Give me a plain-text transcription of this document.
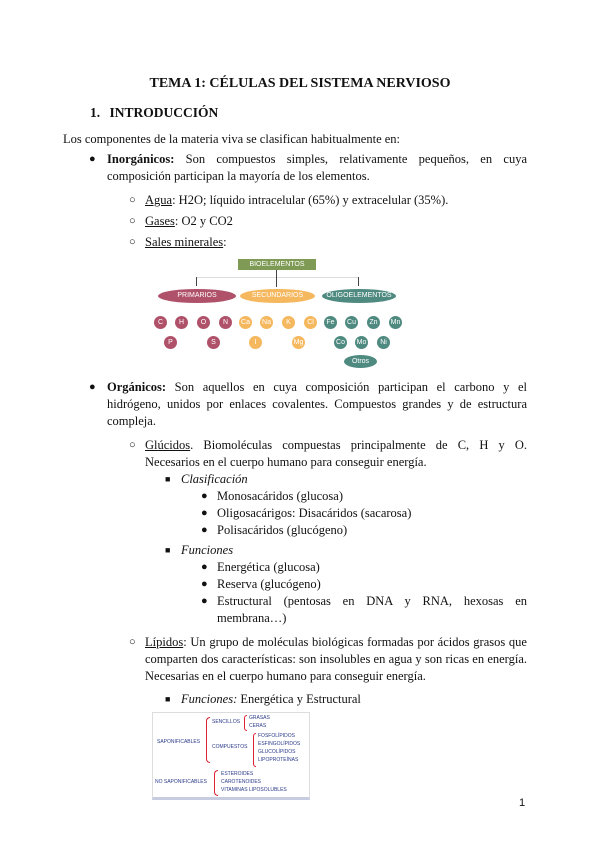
TEMA 1: CÉLULAS DEL SISTEMA NERVIOSO
1. INTRODUCCIÓN
Los componentes de la materia viva se clasifican habitualmente en:
● Inorgánicos: Son compuestos simples, relativamente pequeños, en cuya composición participan la mayoría de los elementos.
○ Agua: H2O; líquido intracelular (65%) y extracelular (35%).
○ Gases: O2 y CO2
○ Sales minerales:
BIOELEMENTOS
PRIMARIOS
C	H	O	N
P	S
SECUNDARIOS
Ca Na	K	Cl
I	Mg
OLIGOELEMENTOS
Fe	Cu	Zn	Mn
Co Mo	Ni
Otros
● Orgánicos: Son aquellos en cuya composición participan el carbono y el hidrógeno, unidos por enlaces covalentes. Compuestos grandes y de estructura compleja.
○ Glúcidos. Biomoléculas compuestas principalmente de C, H y O. Necesarios en el cuerpo humano para conseguir energía.
■ Clasificación
● Monosacáridos (glucosa)
● Oligosacárigos: Disacáridos (sacarosa)
● Polisacáridos (glucógeno)
■ Funciones
● Energética (glucosa)
● Reserva (glucógeno)
● Estructural (pentosas en DNA y RNA, hexosas en membrana…)
○ Lípidos: Un grupo de moléculas biológicas formadas por ácidos grasos que comparten dos características: son insolubles en agua y son ricas en energía. Necesarias en el cuerpo humano para conseguir energía.
■ Funciones: Energética y Estructural
SAPONIFICABLES
SENCILLOS
GRASAS
CERAS
COMPUESTOS
FOSFOLÍPIDOS
ESFINGOLÍPIDOS
GLUCOLÍPIDOS
LIPOPROTEÍNAS
NO SAPONIFICABLES
ESTEROIDES
CAROTENOIDES
VITAMINAS LIPOSOLUBLES
1
